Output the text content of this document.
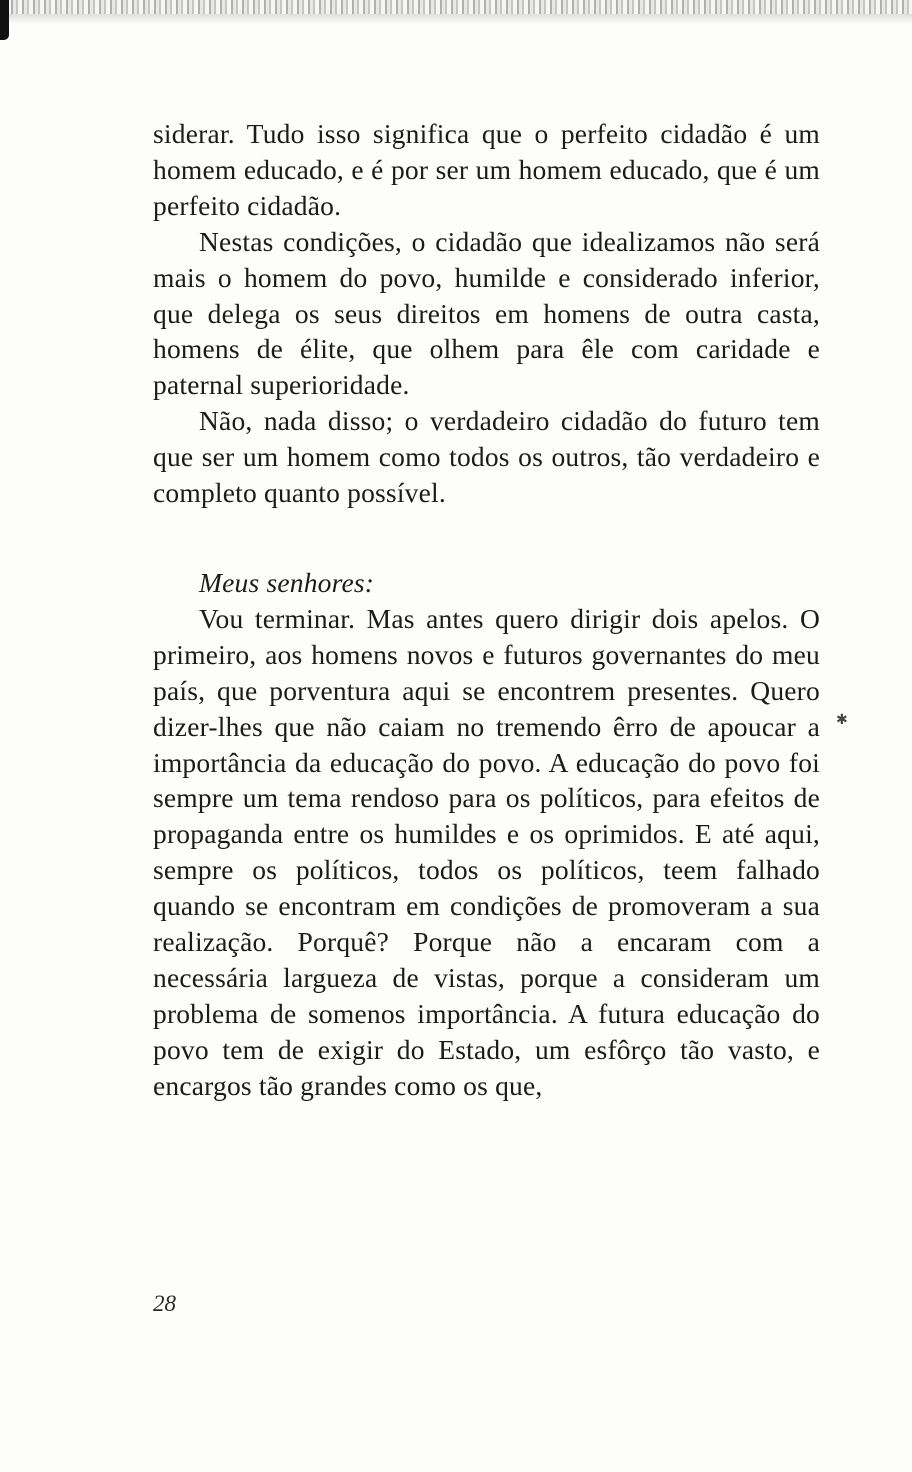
siderar. Tudo isso significa que o perfeito cidadão é um homem educado, e é por ser um homem educado, que é um perfeito cidadão.

Nestas condições, o cidadão que idealizamos não será mais o homem do povo, humilde e considerado inferior, que delega os seus direitos em homens de outra casta, homens de élite, que olhem para êle com caridade e paternal superioridade.

Não, nada disso; o verdadeiro cidadão do futuro tem que ser um homem como todos os outros, tão verdadeiro e completo quanto possível.

Meus senhores:

Vou terminar. Mas antes quero dirigir dois apelos. O primeiro, aos homens novos e futuros governantes do meu país, que porventura aqui se encontrem presentes. Quero dizer-lhes que não caiam no tremendo êrro de apoucar a importância da educação do povo. A educação do povo foi sempre um tema rendoso para os políticos, para efeitos de propaganda entre os humildes e os oprimidos. E até aqui, sempre os políticos, todos os políticos, teem falhado quando se encontram em condições de promoveram a sua realização. Porquê? Porque não a encaram com a necessária largueza de vistas, porque a consideram um problema de somenos importância. A futura educação do povo tem de exigir do Estado, um esfôrço tão vasto, e encargos tão grandes como os que,

✱
28
